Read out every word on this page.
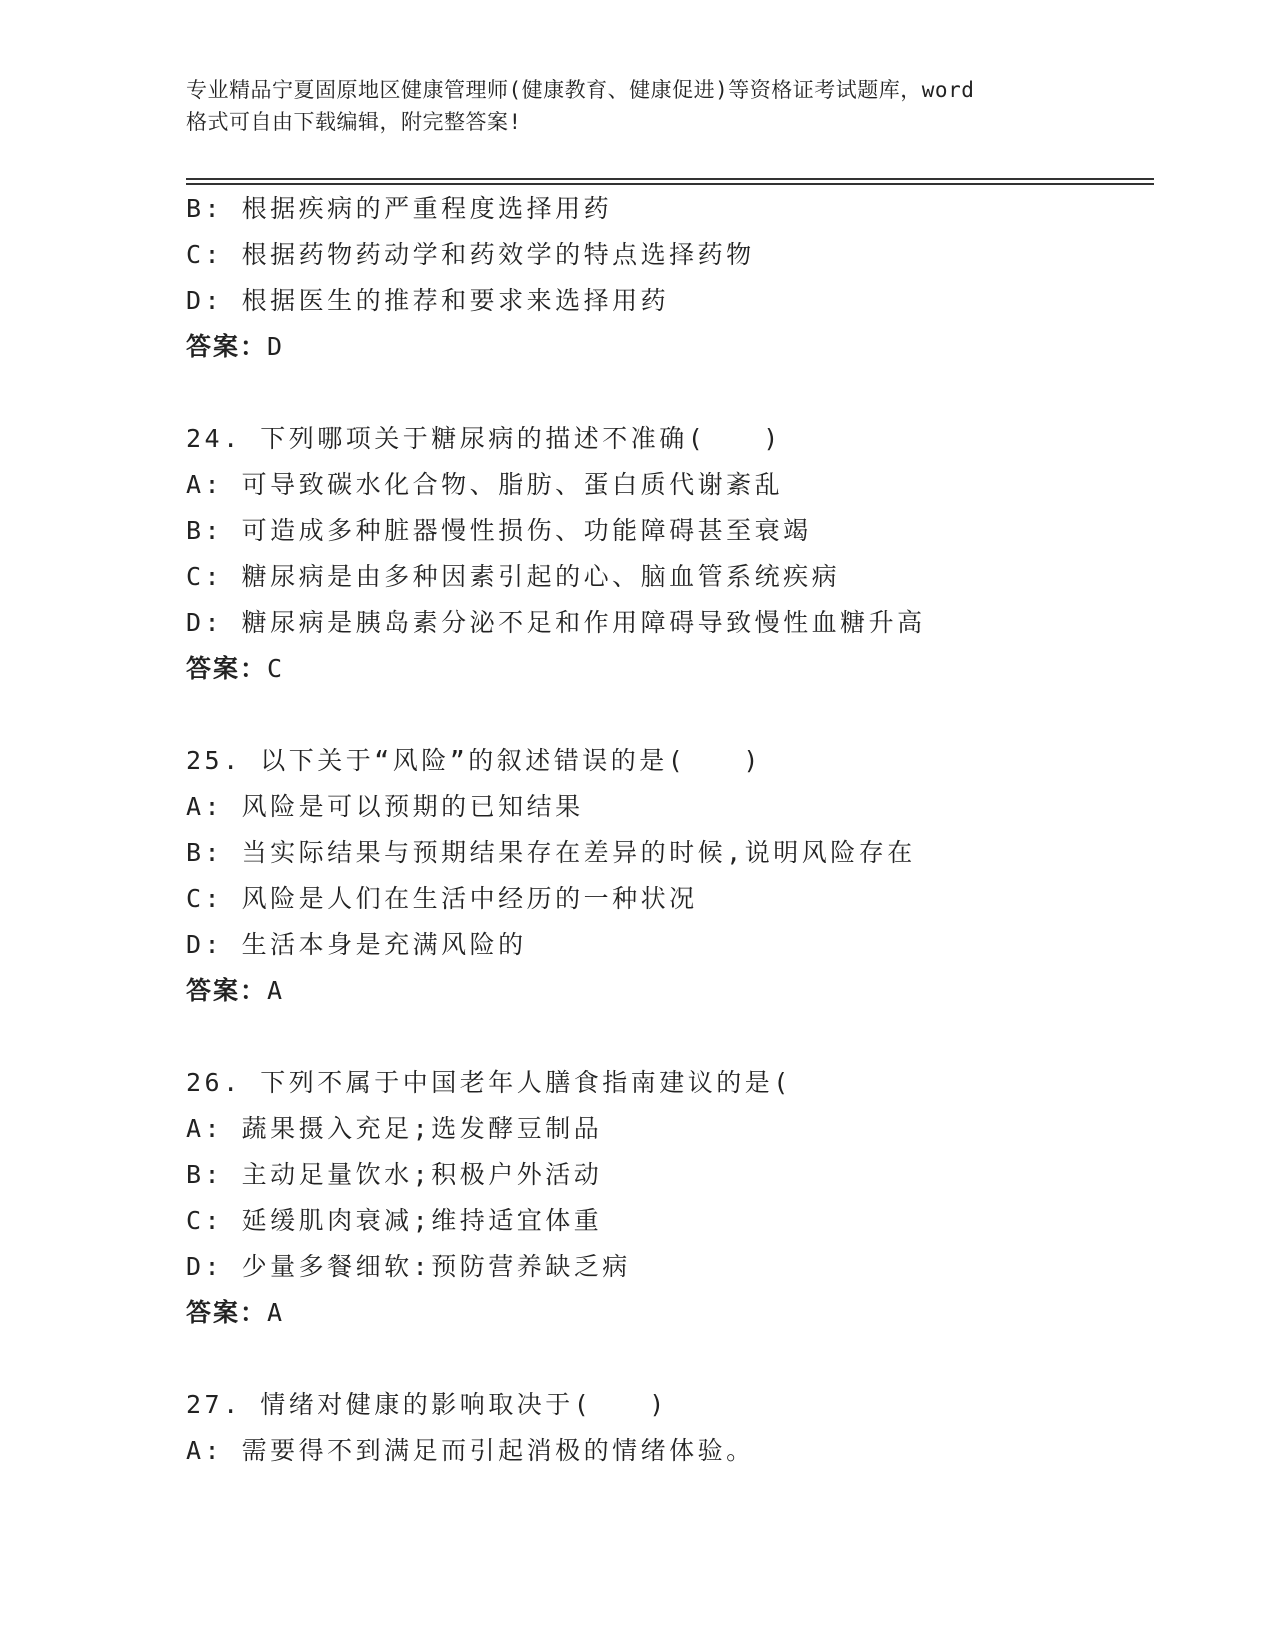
专业精品宁夏固原地区健康管理师(健康教育、健康促进)等资格证考试题库，word
格式可自由下载编辑，附完整答案!
B: 根据疾病的严重程度选择用药
C: 根据药物药动学和药效学的特点选择药物
D: 根据医生的推荐和要求来选择用药
答案：D
24. 下列哪项关于糖尿病的描述不准确(　　)
A: 可导致碳水化合物、脂肪、蛋白质代谢紊乱
B: 可造成多种脏器慢性损伤、功能障碍甚至衰竭
C: 糖尿病是由多种因素引起的心、脑血管系统疾病
D: 糖尿病是胰岛素分泌不足和作用障碍导致慢性血糖升高
答案：C
25. 以下关于“风险”的叙述错误的是(　　)
A: 风险是可以预期的已知结果
B: 当实际结果与预期结果存在差异的时候,说明风险存在
C: 风险是人们在生活中经历的一种状况
D: 生活本身是充满风险的
答案：A
26. 下列不属于中国老年人膳食指南建议的是(
A: 蔬果摄入充足;选发酵豆制品
B: 主动足量饮水;积极户外活动
C: 延缓肌肉衰减;维持适宜体重
D: 少量多餐细软:预防营养缺乏病
答案：A
27. 情绪对健康的影响取决于(　　)
A: 需要得不到满足而引起消极的情绪体验。
